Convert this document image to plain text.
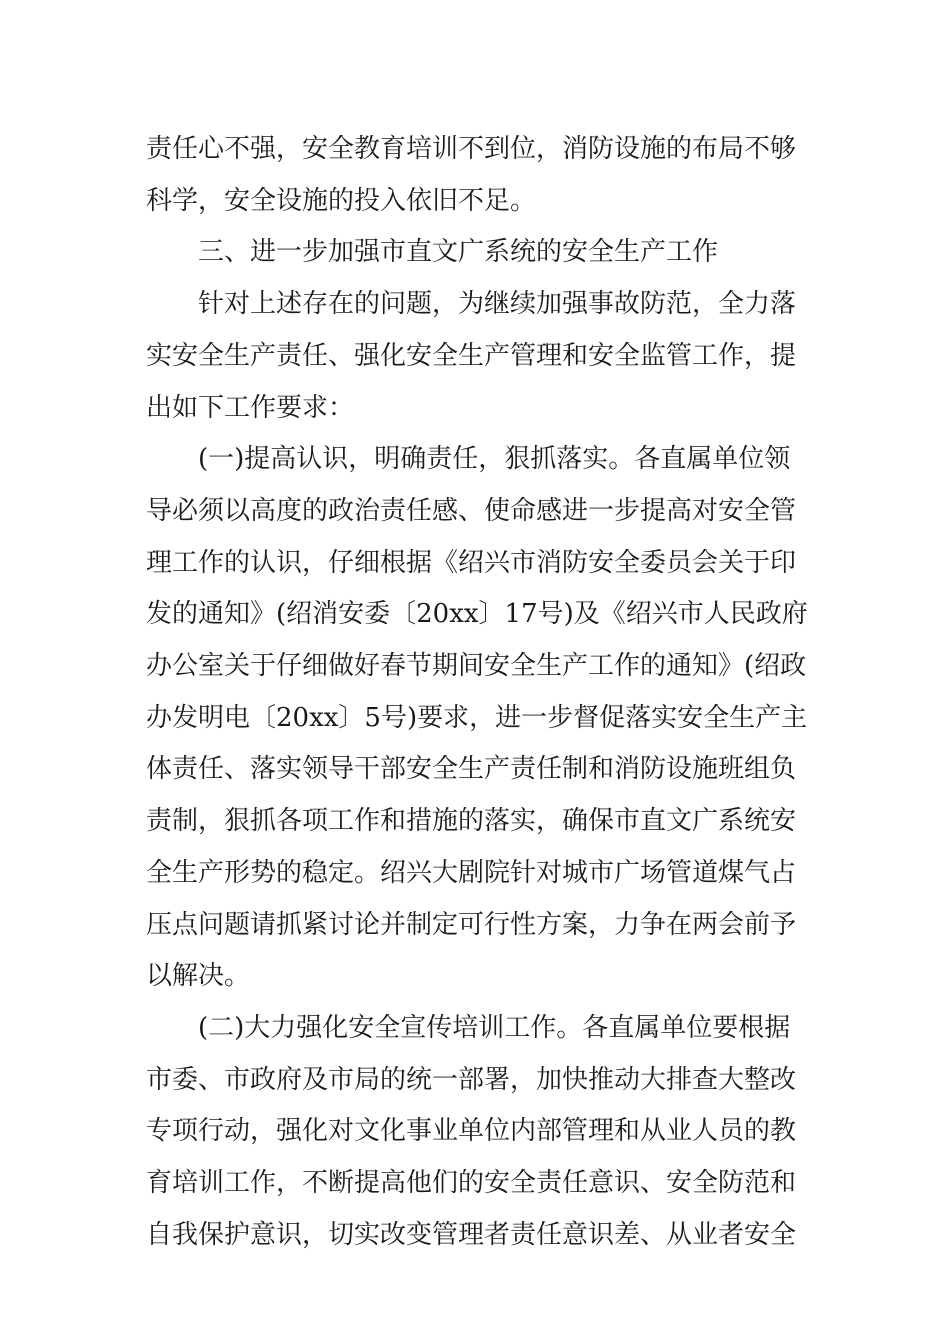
责任心不强，安全教育培训不到位，消防设施的布局不够
科学，安全设施的投入依旧不足。
三、进一步加强市直文广系统的安全生产工作
针对上述存在的问题，为继续加强事故防范，全力落
实安全生产责任、强化安全生产管理和安全监管工作，提
出如下工作要求：
(一)提高认识，明确责任，狠抓落实。各直属单位领
导必须以高度的政治责任感、使命感进一步提高对安全管
理工作的认识，仔细根据《绍兴市消防安全委员会关于印
发的通知》(绍消安委〔20xx〕17号)及《绍兴市人民政府
办公室关于仔细做好春节期间安全生产工作的通知》(绍政
办发明电〔20xx〕5号)要求，进一步督促落实安全生产主
体责任、落实领导干部安全生产责任制和消防设施班组负
责制，狠抓各项工作和措施的落实，确保市直文广系统安
全生产形势的稳定。绍兴大剧院针对城市广场管道煤气占
压点问题请抓紧讨论并制定可行性方案，力争在两会前予
以解决。
(二)大力强化安全宣传培训工作。各直属单位要根据
市委、市政府及市局的统一部署，加快推动大排查大整改
专项行动，强化对文化事业单位内部管理和从业人员的教
育培训工作，不断提高他们的安全责任意识、安全防范和
自我保护意识，切实改变管理者责任意识差、从业者安全
